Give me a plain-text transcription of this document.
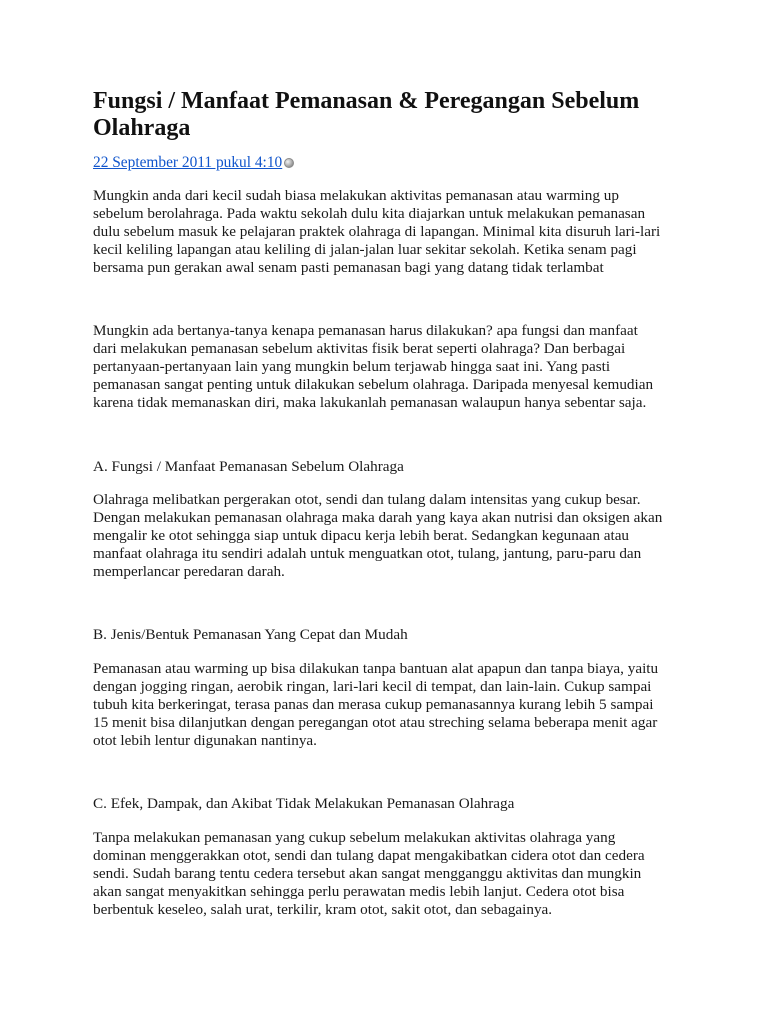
Fungsi / Manfaat Pemanasan & Peregangan Sebelum Olahraga
22 September 2011 pukul 4:10

Mungkin anda dari kecil sudah biasa melakukan aktivitas pemanasan atau warming up
sebelum berolahraga. Pada waktu sekolah dulu kita diajarkan untuk melakukan pemanasan
dulu sebelum masuk ke pelajaran praktek olahraga di lapangan. Minimal kita disuruh lari-lari
kecil keliling lapangan atau keliling di jalan-jalan luar sekitar sekolah. Ketika senam pagi
bersama pun gerakan awal senam pasti pemanasan bagi yang datang tidak terlambat

Mungkin ada bertanya-tanya kenapa pemanasan harus dilakukan? apa fungsi dan manfaat
dari melakukan pemanasan sebelum aktivitas fisik berat seperti olahraga? Dan berbagai
pertanyaan-pertanyaan lain yang mungkin belum terjawab hingga saat ini. Yang pasti
pemanasan sangat penting untuk dilakukan sebelum olahraga. Daripada menyesal kemudian
karena tidak memanaskan diri, maka lakukanlah pemanasan walaupun hanya sebentar saja.

A. Fungsi / Manfaat Pemanasan Sebelum Olahraga

Olahraga melibatkan pergerakan otot, sendi dan tulang dalam intensitas yang cukup besar.
Dengan melakukan pemanasan olahraga maka darah yang kaya akan nutrisi dan oksigen akan
mengalir ke otot sehingga siap untuk dipacu kerja lebih berat. Sedangkan kegunaan atau
manfaat olahraga itu sendiri adalah untuk menguatkan otot, tulang, jantung, paru-paru dan
memperlancar peredaran darah.

B. Jenis/Bentuk Pemanasan Yang Cepat dan Mudah

Pemanasan atau warming up bisa dilakukan tanpa bantuan alat apapun dan tanpa biaya, yaitu
dengan jogging ringan, aerobik ringan, lari-lari kecil di tempat, dan lain-lain. Cukup sampai
tubuh kita berkeringat, terasa panas dan merasa cukup pemanasannya kurang lebih 5 sampai
15 menit bisa dilanjutkan dengan peregangan otot atau streching selama beberapa menit agar
otot lebih lentur digunakan nantinya.

C. Efek, Dampak, dan Akibat Tidak Melakukan Pemanasan Olahraga

Tanpa melakukan pemanasan yang cukup sebelum melakukan aktivitas olahraga yang
dominan menggerakkan otot, sendi dan tulang dapat mengakibatkan cidera otot dan cedera
sendi. Sudah barang tentu cedera tersebut akan sangat mengganggu aktivitas dan mungkin
akan sangat menyakitkan sehingga perlu perawatan medis lebih lanjut. Cedera otot bisa
berbentuk keseleo, salah urat, terkilir, kram otot, sakit otot, dan sebagainya.
